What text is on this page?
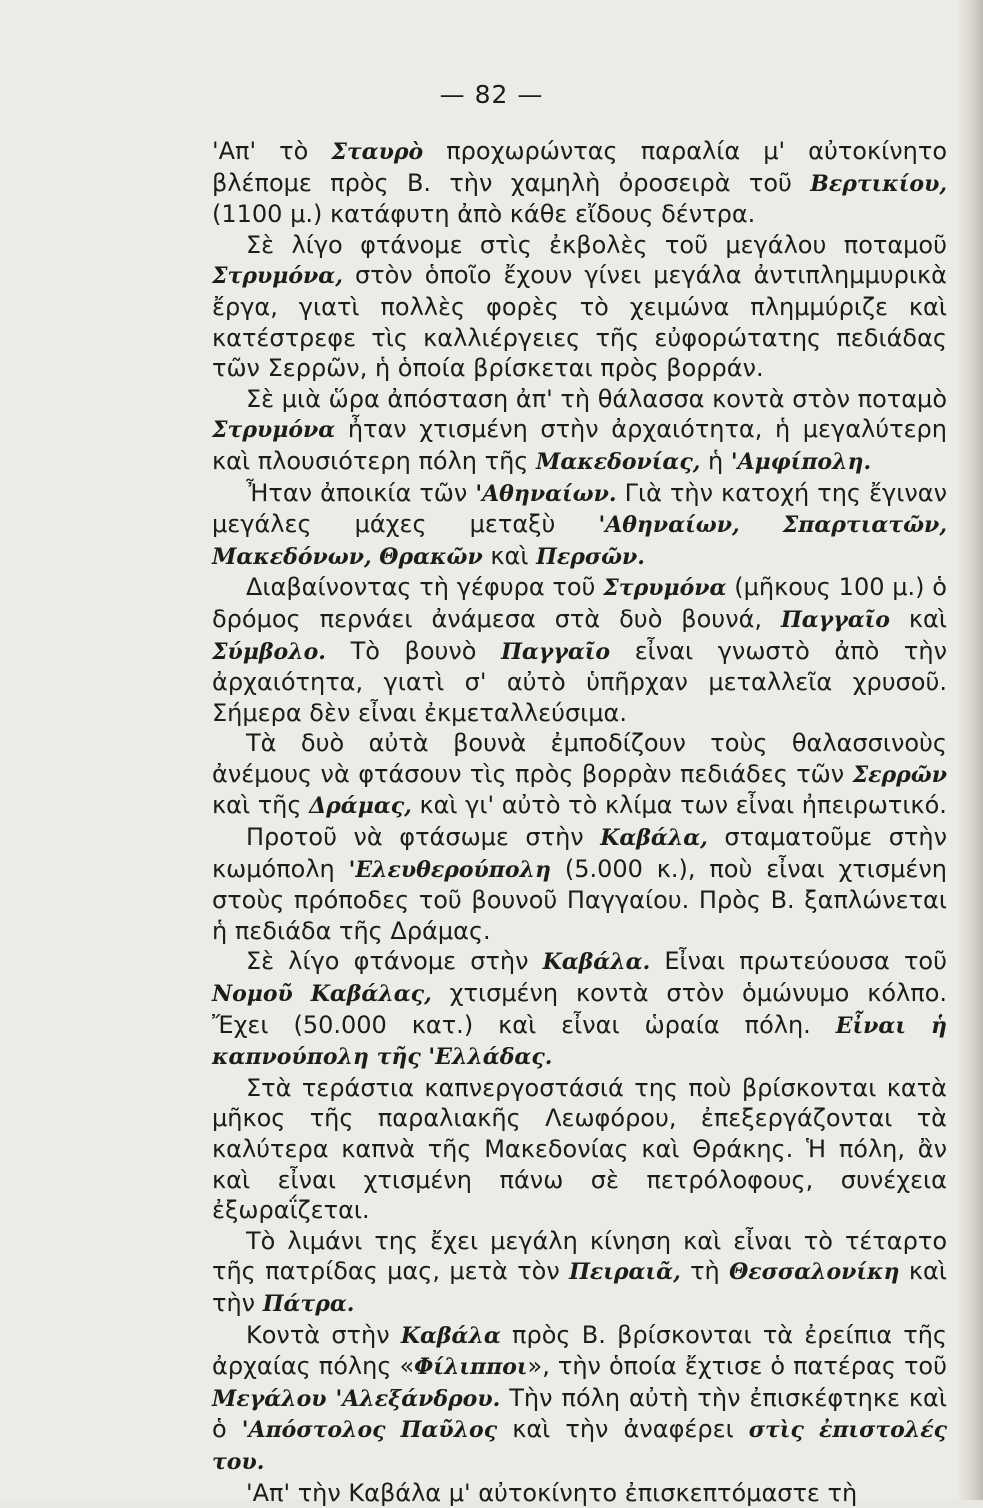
— 82 —

'Απ' τὸ Σταυρὸ προχωρώντας παραλία μ' αὐτοκίνητο βλέπομε πρὸς Β. τὴν χαμηλὴ ὀροσειρὰ τοῦ Βερτικίου, (1100 μ.) κατάφυτη ἀπὸ κάθε εἴδους δέντρα.

Σὲ λίγο φτάνομε στὶς ἐκβολὲς τοῦ μεγάλου ποταμοῦ Στρυμόνα, στὸν ὁποῖο ἔχουν γίνει μεγάλα ἀντιπλημμυρικὰ ἔργα, γιατὶ πολλὲς φορὲς τὸ χειμώνα πλημμύριζε καὶ κατέστρεφε τὶς καλλιέργειες τῆς εὐφορώτατης πεδιάδας τῶν Σερρῶν, ἡ ὁποία βρίσκεται πρὸς βορράν.

Σὲ μιὰ ὥρα ἀπόσταση ἀπ' τὴ θάλασσα κοντὰ στὸν ποταμὸ Στρυμόνα ἦταν χτισμένη στὴν ἀρχαιότητα, ἡ μεγαλύτερη καὶ πλουσιότερη πόλη τῆς Μακεδονίας, ἡ 'Αμφίπολη.

Ἦταν ἀποικία τῶν 'Αθηναίων. Γιὰ τὴν κατοχή της ἔγιναν μεγάλες μάχες μεταξὺ 'Αθηναίων, Σπαρτιατῶν, Μακεδόνων, Θρακῶν καὶ Περσῶν.

Διαβαίνοντας τὴ γέφυρα τοῦ Στρυμόνα (μῆκους 100 μ.) ὁ δρόμος περνάει ἀνάμεσα στὰ δυὸ βουνά, Παγγαῖο καὶ Σύμβολο. Τὸ βουνὸ Παγγαῖο εἶναι γνωστὸ ἀπὸ τὴν ἀρχαιότητα, γιατὶ σ' αὐτὸ ὑπῆρχαν μεταλλεῖα χρυσοῦ. Σήμερα δὲν εἶναι ἐκμεταλλεύσιμα.

Τὰ δυὸ αὐτὰ βουνὰ ἐμποδίζουν τοὺς θαλασσινοὺς ἀνέμους νὰ φτάσουν τὶς πρὸς βορρὰν πεδιάδες τῶν Σερρῶν καὶ τῆς Δράμας, καὶ γι' αὐτὸ τὸ κλίμα των εἶναι ἠπειρωτικό.

Προτοῦ νὰ φτάσωμε στὴν Καβάλα, σταματοῦμε στὴν κωμόπολη 'Ελευθερούπολη (5.000 κ.), ποὺ εἶναι χτισμένη στοὺς πρόποδες τοῦ βουνοῦ Παγγαίου. Πρὸς Β. ξαπλώνεται ἡ πεδιάδα τῆς Δράμας.

Σὲ λίγο φτάνομε στὴν Καβάλα. Εἶναι πρωτεύουσα τοῦ Νομοῦ Καβάλας, χτισμένη κοντὰ στὸν ὁμώνυμο κόλπο. Ἔχει (50.000 κατ.) καὶ εἶναι ὡραία πόλη. Εἶναι ἡ καπνούπολη τῆς 'Ελλάδας.

Στὰ τεράστια καπνεργοστάσιά της ποὺ βρίσκονται κατὰ μῆκος τῆς παραλιακῆς Λεωφόρου, ἐπεξεργάζονται τὰ καλύτερα καπνὰ τῆς Μακεδονίας καὶ Θράκης. Ἡ πόλη, ἂν καὶ εἶναι χτισμένη πάνω σὲ πετρόλοφους, συνέχεια ἐξωραΐζεται.

Τὸ λιμάνι της ἔχει μεγάλη κίνηση καὶ εἶναι τὸ τέταρτο τῆς πατρίδας μας, μετὰ τὸν Πειραιᾶ, τὴ Θεσσαλονίκη καὶ τὴν Πάτρα.

Κοντὰ στὴν Καβάλα πρὸς Β. βρίσκονται τὰ ἐρείπια τῆς ἀρχαίας πόλης «Φίλιπποι», τὴν ὁποία ἔχτισε ὁ πατέρας τοῦ Μεγάλου 'Αλεξάνδρου. Τὴν πόλη αὐτὴ τὴν ἐπισκέφτηκε καὶ ὁ 'Απόστολος Παῦλος καὶ τὴν ἀναφέρει στὶς ἐπιστολές του.

'Απ' τὴν Καβάλα μ' αὐτοκίνητο ἐπισκεπτόμαστε τὴ
